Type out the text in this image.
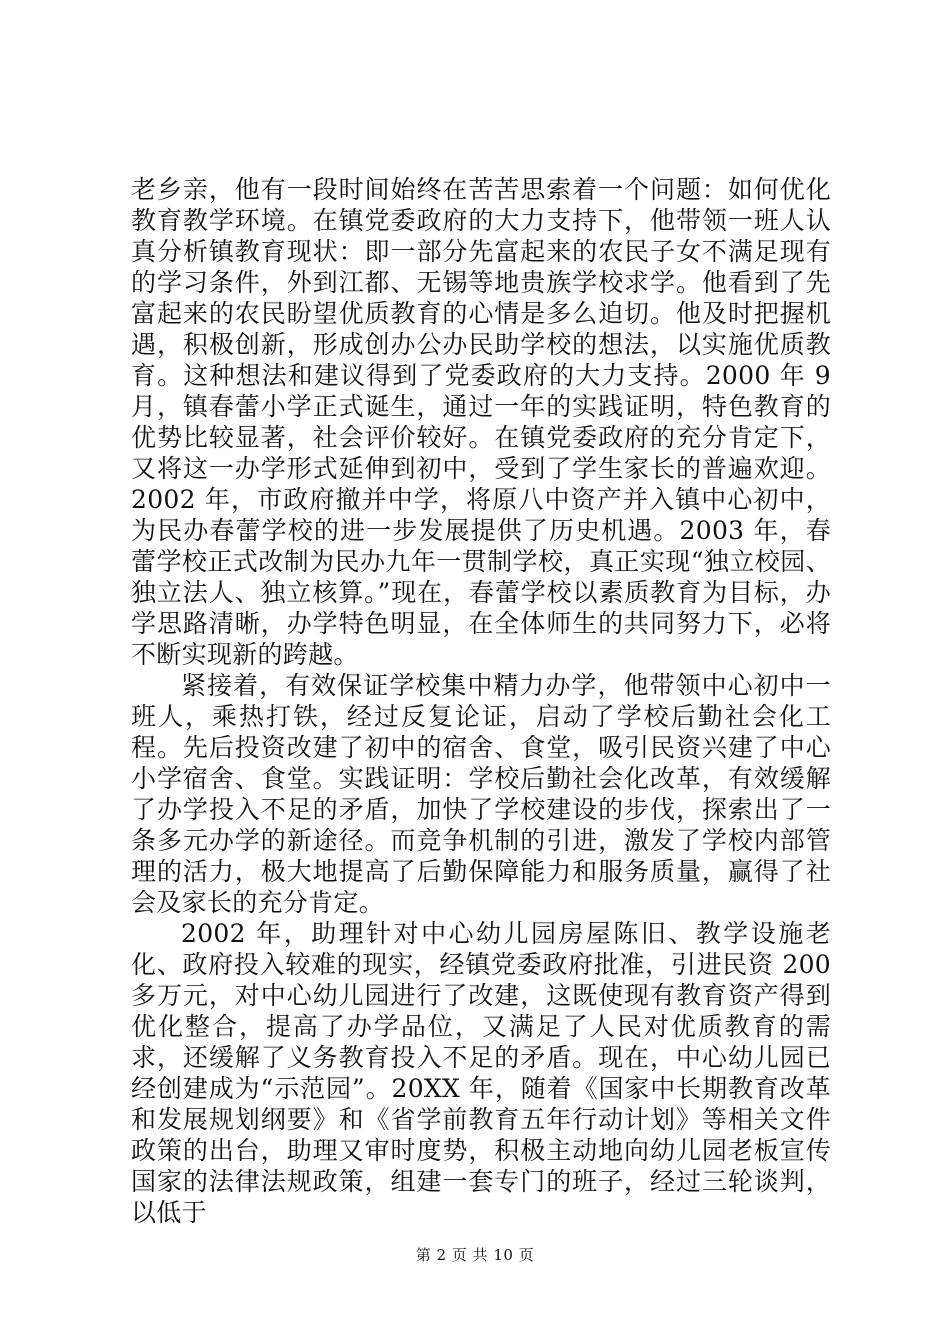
老乡亲，他有一段时间始终在苦苦思索着一个问题：如何优化教育教学环境。在镇党委政府的大力支持下，他带领一班人认真分析镇教育现状：即一部分先富起来的农民子女不满足现有的学习条件，外到江都、无锡等地贵族学校求学。他看到了先富起来的农民盼望优质教育的心情是多么迫切。他及时把握机遇，积极创新，形成创办公办民助学校的想法，以实施优质教育。这种想法和建议得到了党委政府的大力支持。2000 年 9 月，镇春蕾小学正式诞生，通过一年的实践证明，特色教育的优势比较显著，社会评价较好。在镇党委政府的充分肯定下，又将这一办学形式延伸到初中，受到了学生家长的普遍欢迎。2002 年，市政府撤并中学，将原八中资产并入镇中心初中，为民办春蕾学校的进一步发展提供了历史机遇。2003 年，春蕾学校正式改制为民办九年一贯制学校，真正实现“独立校园、独立法人、独立核算。”现在，春蕾学校以素质教育为目标，办学思路清晰，办学特色明显，在全体师生的共同努力下，必将不断实现新的跨越。

紧接着，有效保证学校集中精力办学，他带领中心初中一班人，乘热打铁，经过反复论证，启动了学校后勤社会化工程。先后投资改建了初中的宿舍、食堂，吸引民资兴建了中心小学宿舍、食堂。实践证明：学校后勤社会化改革，有效缓解了办学投入不足的矛盾，加快了学校建设的步伐，探索出了一条多元办学的新途径。而竞争机制的引进，激发了学校内部管理的活力，极大地提高了后勤保障能力和服务质量，赢得了社会及家长的充分肯定。

2002 年，助理针对中心幼儿园房屋陈旧、教学设施老化、政府投入较难的现实，经镇党委政府批准，引进民资 200 多万元，对中心幼儿园进行了改建，这既使现有教育资产得到优化整合，提高了办学品位，又满足了人民对优质教育的需求，还缓解了义务教育投入不足的矛盾。现在，中心幼儿园已经创建成为“示范园”。20XX 年，随着《国家中长期教育改革和发展规划纲要》和《省学前教育五年行动计划》等相关文件政策的出台，助理又审时度势，积极主动地向幼儿园老板宣传国家的法律法规政策，组建一套专门的班子，经过三轮谈判，以低于

第 2 页 共 10 页
